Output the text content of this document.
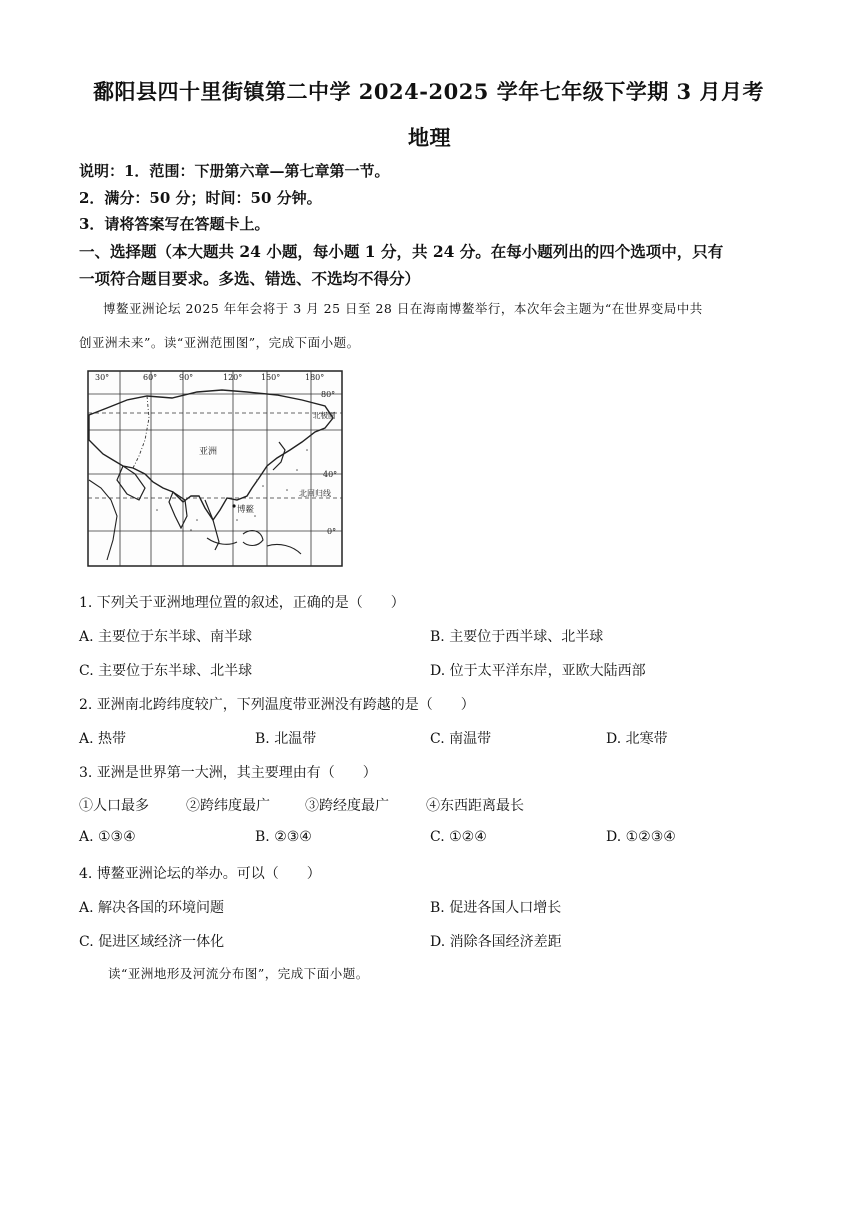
鄱阳县四十里街镇第二中学 2024-2025 学年七年级下学期 3 月月考
地理
说明：1．范围：下册第六章—第七章第一节。
2．满分：50 分；时间：50 分钟。
3．请将答案写在答题卡上。
一、选择题（本大题共 24 小题，每小题 1 分，共 24 分。在每小题列出的四个选项中，只有
一项符合题目要求。多选、错选、不选均不得分）
博鳌亚洲论坛 2025 年年会将于 3 月 25 日至 28 日在海南博鳌举行，本次年会主题为“在世界变局中共
创亚洲未来”。读“亚洲范围图”，完成下面小题。
30°	60°	90°	120° 150°	180°
80°
北极圈
40°
北回归线
0°
亚洲
博鳌
1. 下列关于亚洲地理位置的叙述，正确的是（　　）
A. 主要位于东半球、南半球	B. 主要位于西半球、北半球
C. 主要位于东半球、北半球	D. 位于太平洋东岸，亚欧大陆西部
2. 亚洲南北跨纬度较广，下列温度带亚洲没有跨越的是（　　）
A. 热带	B. 北温带	C. 南温带	D. 北寒带
3. 亚洲是世界第一大洲，其主要理由有（　　）
①人口最多	②跨纬度最广	③跨经度最广	④东西距离最长
A. ①③④	B. ②③④	C. ①②④	D. ①②③④
4. 博鳌亚洲论坛的举办。可以（　　）
A. 解决各国的环境问题	B. 促进各国人口增长
C. 促进区域经济一体化	D. 消除各国经济差距
读“亚洲地形及河流分布图”，完成下面小题。
